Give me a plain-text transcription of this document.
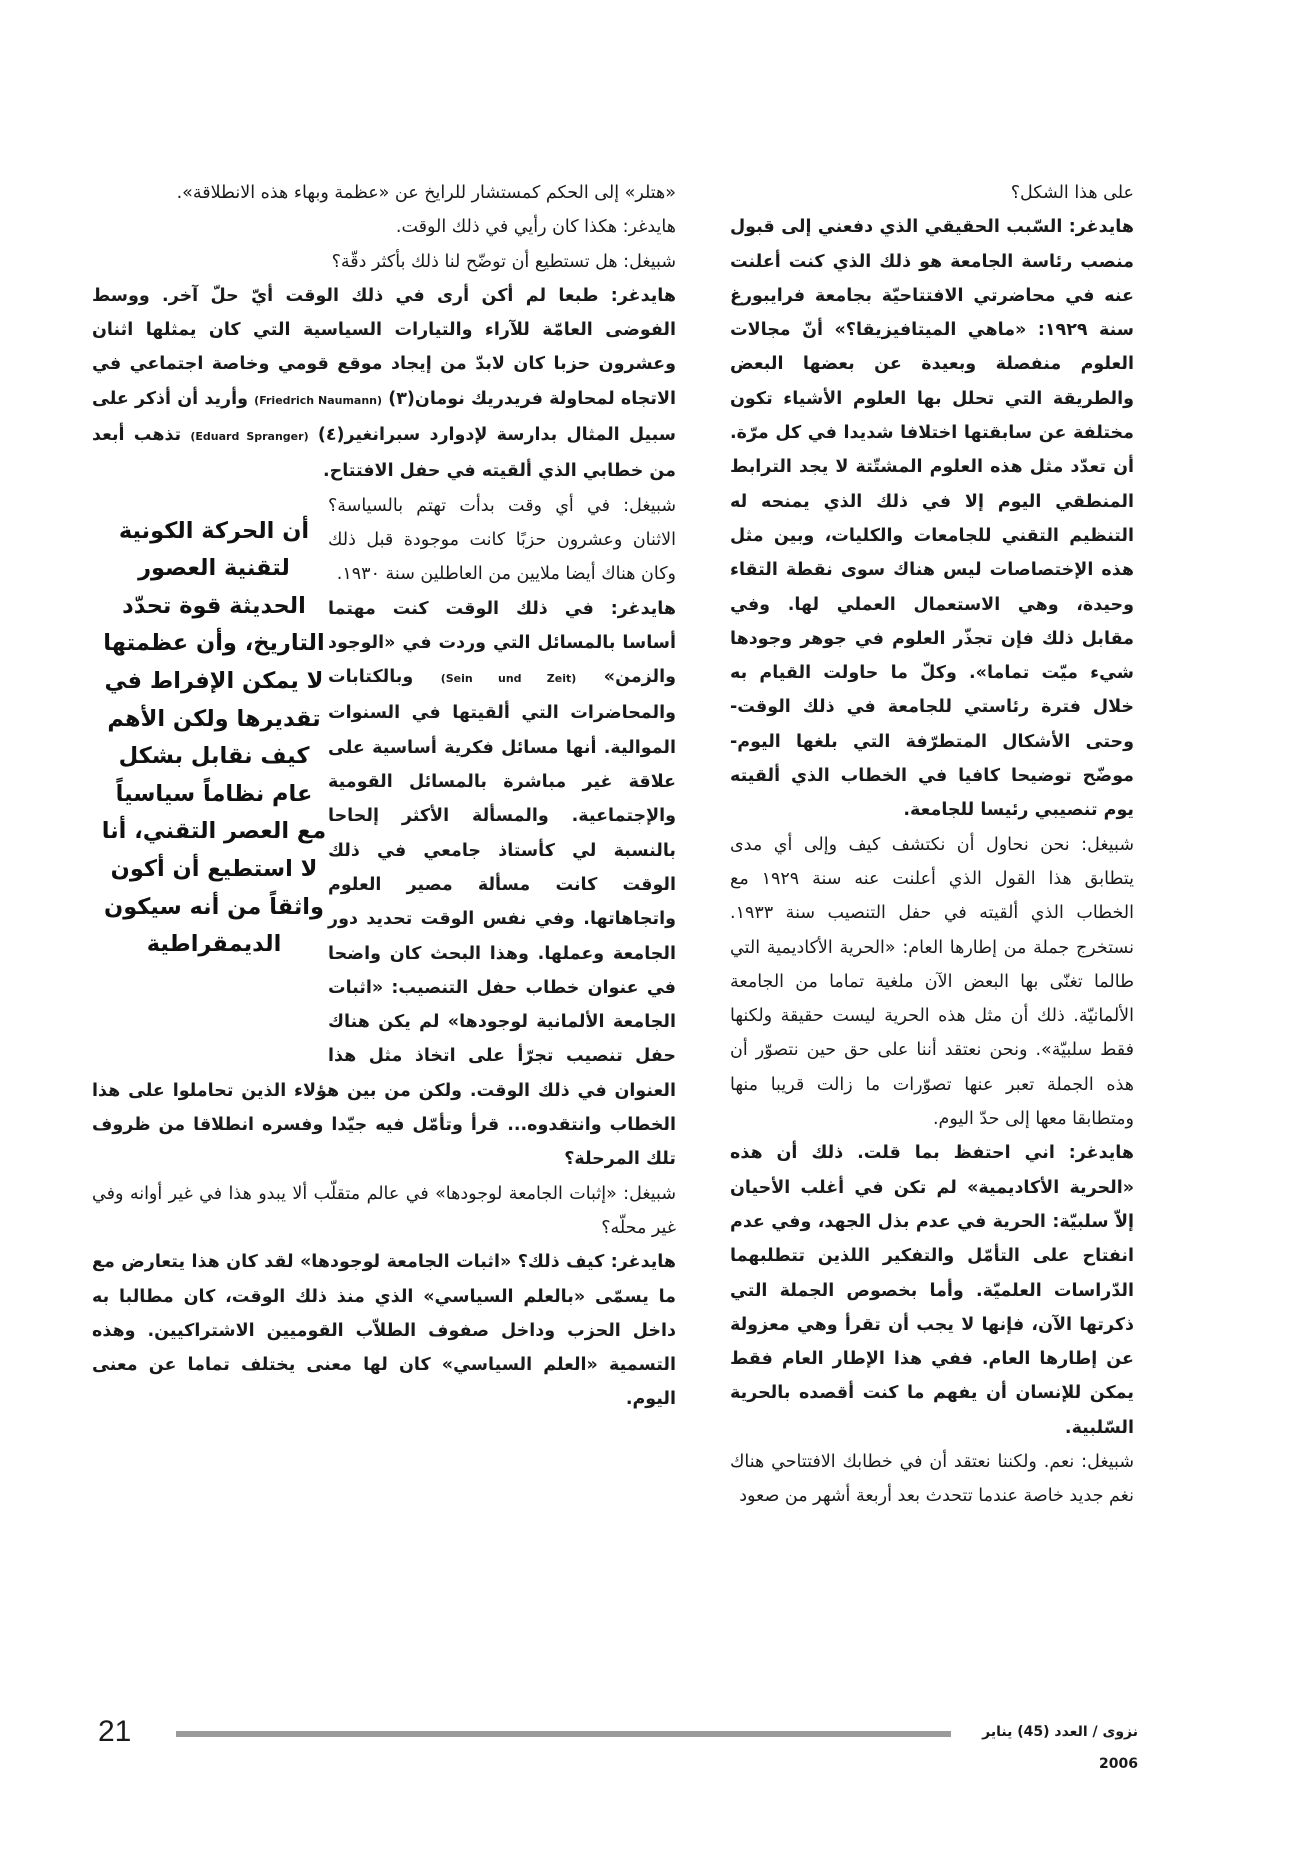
على هذا الشكل؟

هايدغر: السّبب الحقيقي الذي دفعني إلى قبول منصب رئاسة الجامعة هو ذلك الذي كنت أعلنت عنه في محاضرتي الافتتاحيّة بجامعة فرايبورغ سنة ١٩٢٩: «ماهي الميتافيزيقا؟» أنّ مجالات العلوم منفصلة وبعيدة عن بعضها البعض والطريقة التي تحلل بها العلوم الأشياء تكون مختلفة عن سابقتها اختلافا شديدا في كل مرّة. أن تعدّد مثل هذه العلوم المشتّتة لا يجد الترابط المنطقي اليوم إلا في ذلك الذي يمنحه له التنظيم التقني للجامعات والكليات، وبين مثل هذه الإختصاصات ليس هناك سوى نقطة التقاء وحيدة، وهي الاستعمال العملي لها. وفي مقابل ذلك فإن تجذّر العلوم في جوهر وجودها شيء ميّت تماما». وكلّ ما حاولت القيام به خلال فترة رئاستي للجامعة في ذلك الوقت- وحتى الأشكال المتطرّفة التي بلغها اليوم- موضّح توضيحا كافيا في الخطاب الذي ألقيته يوم تنصيبي رئيسا للجامعة.

شبيغل: نحن نحاول أن نكتشف كيف وإلى أي مدى يتطابق هذا القول الذي أعلنت عنه سنة ١٩٢٩ مع الخطاب الذي ألقيته في حفل التنصيب سنة ١٩٣٣. نستخرج جملة من إطارها العام: «الحرية الأكاديمية التي طالما تغنّى بها البعض الآن ملغية تماما من الجامعة الألمانيّة. ذلك أن مثل هذه الحرية ليست حقيقة ولكنها فقط سلبيّة». ونحن نعتقد أننا على حق حين نتصوّر أن هذه الجملة تعبر عنها تصوّرات ما زالت قريبا منها ومتطابقا معها إلى حدّ اليوم.

هايدغر: اني احتفظ بما قلت. ذلك أن هذه «الحرية الأكاديمية» لم تكن في أغلب الأحيان إلاّ سلبيّة: الحرية في عدم بذل الجهد، وفي عدم انفتاح على التأمّل والتفكير اللذين تتطلبهما الدّراسات العلميّة. وأما بخصوص الجملة التي ذكرتها الآن، فإنها لا يجب أن تقرأ وهي معزولة عن إطارها العام. ففي هذا الإطار العام فقط يمكن للإنسان أن يفهم ما كنت أقصده بالحرية السّلبية.

شبيغل: نعم. ولكننا نعتقد أن في خطابك الافتتاحي هناك نغم جديد خاصة عندما تتحدث بعد أربعة أشهر من صعود

«هتلر» إلى الحكم كمستشار للرايخ عن «عظمة وبهاء هذه الانطلاقة».

هايدغر: هكذا كان رأيي في ذلك الوقت.

شبيغل: هل تستطيع أن توضّح لنا ذلك بأكثر دقّة؟

هايدغر: طبعا لم أكن أرى في ذلك الوقت أيّ حلّ آخر. ووسط الفوضى العامّة للآراء والتيارات السياسية التي كان يمثلها اثنان وعشرون حزبا كان لابدّ من إيجاد موقع قومي وخاصة اجتماعي في الاتجاه لمحاولة فريدريك نومان(٣) (Friedrich Naumann) وأريد أن أذكر على سبيل المثال بدارسة لإدوارد سبرانغير(٤) (Eduard Spranger) تذهب أبعد من خطابي الذي ألقيته في حفل الافتتاح.

أن الحركة الكونية لتقنية العصور الحديثة قوة تحدّد التاريخ، وأن عظمتها لا يمكن الإفراط في تقديرها ولكن الأهم كيف نقابل بشكل عام نظاماً سياسياً مع العصر التقني، أنا لا استطيع أن أكون واثقاً من أنه سيكون الديمقراطية

شبيغل: في أي وقت بدأت تهتم بالسياسة؟ الاثنان وعشرون حزبًا كانت موجودة قبل ذلك وكان هناك أيضا ملايين من العاطلين سنة ١٩٣٠.

هايدغر: في ذلك الوقت كنت مهتما أساسا بالمسائل التي وردت في «الوجود والزمن» (Sein und Zeit) وبالكتابات والمحاضرات التي ألقيتها في السنوات الموالية. أنها مسائل فكرية أساسية على علاقة غير مباشرة بالمسائل القومية والإجتماعية. والمسألة الأكثر إلحاحا بالنسبة لي كأستاذ جامعي في ذلك الوقت كانت مسألة مصير العلوم واتجاهاتها. وفي نفس الوقت تحديد دور الجامعة وعملها. وهذا البحث كان واضحا في عنوان خطاب حفل التنصيب: «اثبات الجامعة الألمانية لوجودها» لم يكن هناك حفل تنصيب تجرّأ على اتخاذ مثل هذا العنوان في ذلك الوقت. ولكن من بين هؤلاء الذين تحاملوا على هذا الخطاب وانتقدوه... قرأ وتأمّل فيه جيّدا وفسره انطلاقا من ظروف تلك المرحلة؟

شبيغل: «إثبات الجامعة لوجودها» في عالم متقلّب ألا يبدو هذا في غير أوانه وفي غير محلّه؟

هايدغر: كيف ذلك؟ «اثبات الجامعة لوجودها» لقد كان هذا يتعارض مع ما يسمّى «بالعلم السياسي» الذي منذ ذلك الوقت، كان مطالبا به داخل الحزب وداخل صفوف الطلاّب القوميين الاشتراكيين. وهذه التسمية «العلم السياسي» كان لها معنى يختلف تماما عن معنى اليوم.

21	نزوى / العدد (45) يناير 2006
